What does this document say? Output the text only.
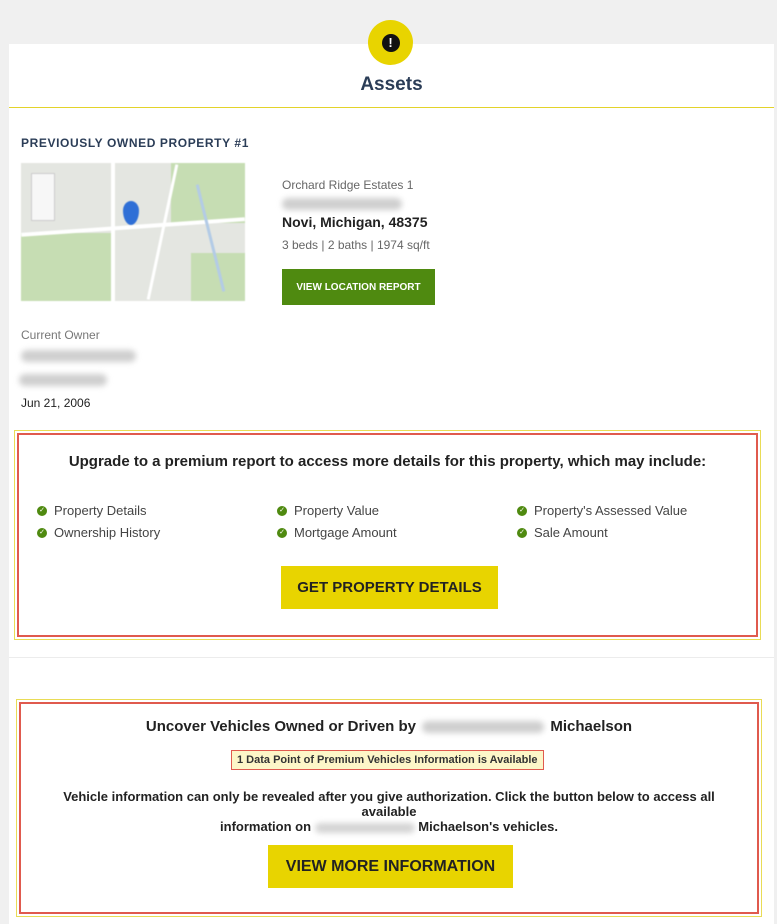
!
Assets
PREVIOUSLY OWNED PROPERTY #1
Orchard Ridge Estates 1
Novi, Michigan, 48375
3 beds | 2 baths | 1974 sq/ft
VIEW LOCATION REPORT
Current Owner
Jun 21, 2006
Upgrade to a premium report to access more details for this property, which may include:
✓ Property Details	✓ Property Value	✓ Property's Assessed Value
✓ Ownership History	✓ Mortgage Amount	✓ Sale Amount
GET PROPERTY DETAILS
Uncover Vehicles Owned or Driven by	Michaelson
1 Data Point of Premium Vehicles Information is Available
Vehicle information can only be revealed after you give authorization. Click the button below to access all available
information on	Michaelson's vehicles.
VIEW MORE INFORMATION
